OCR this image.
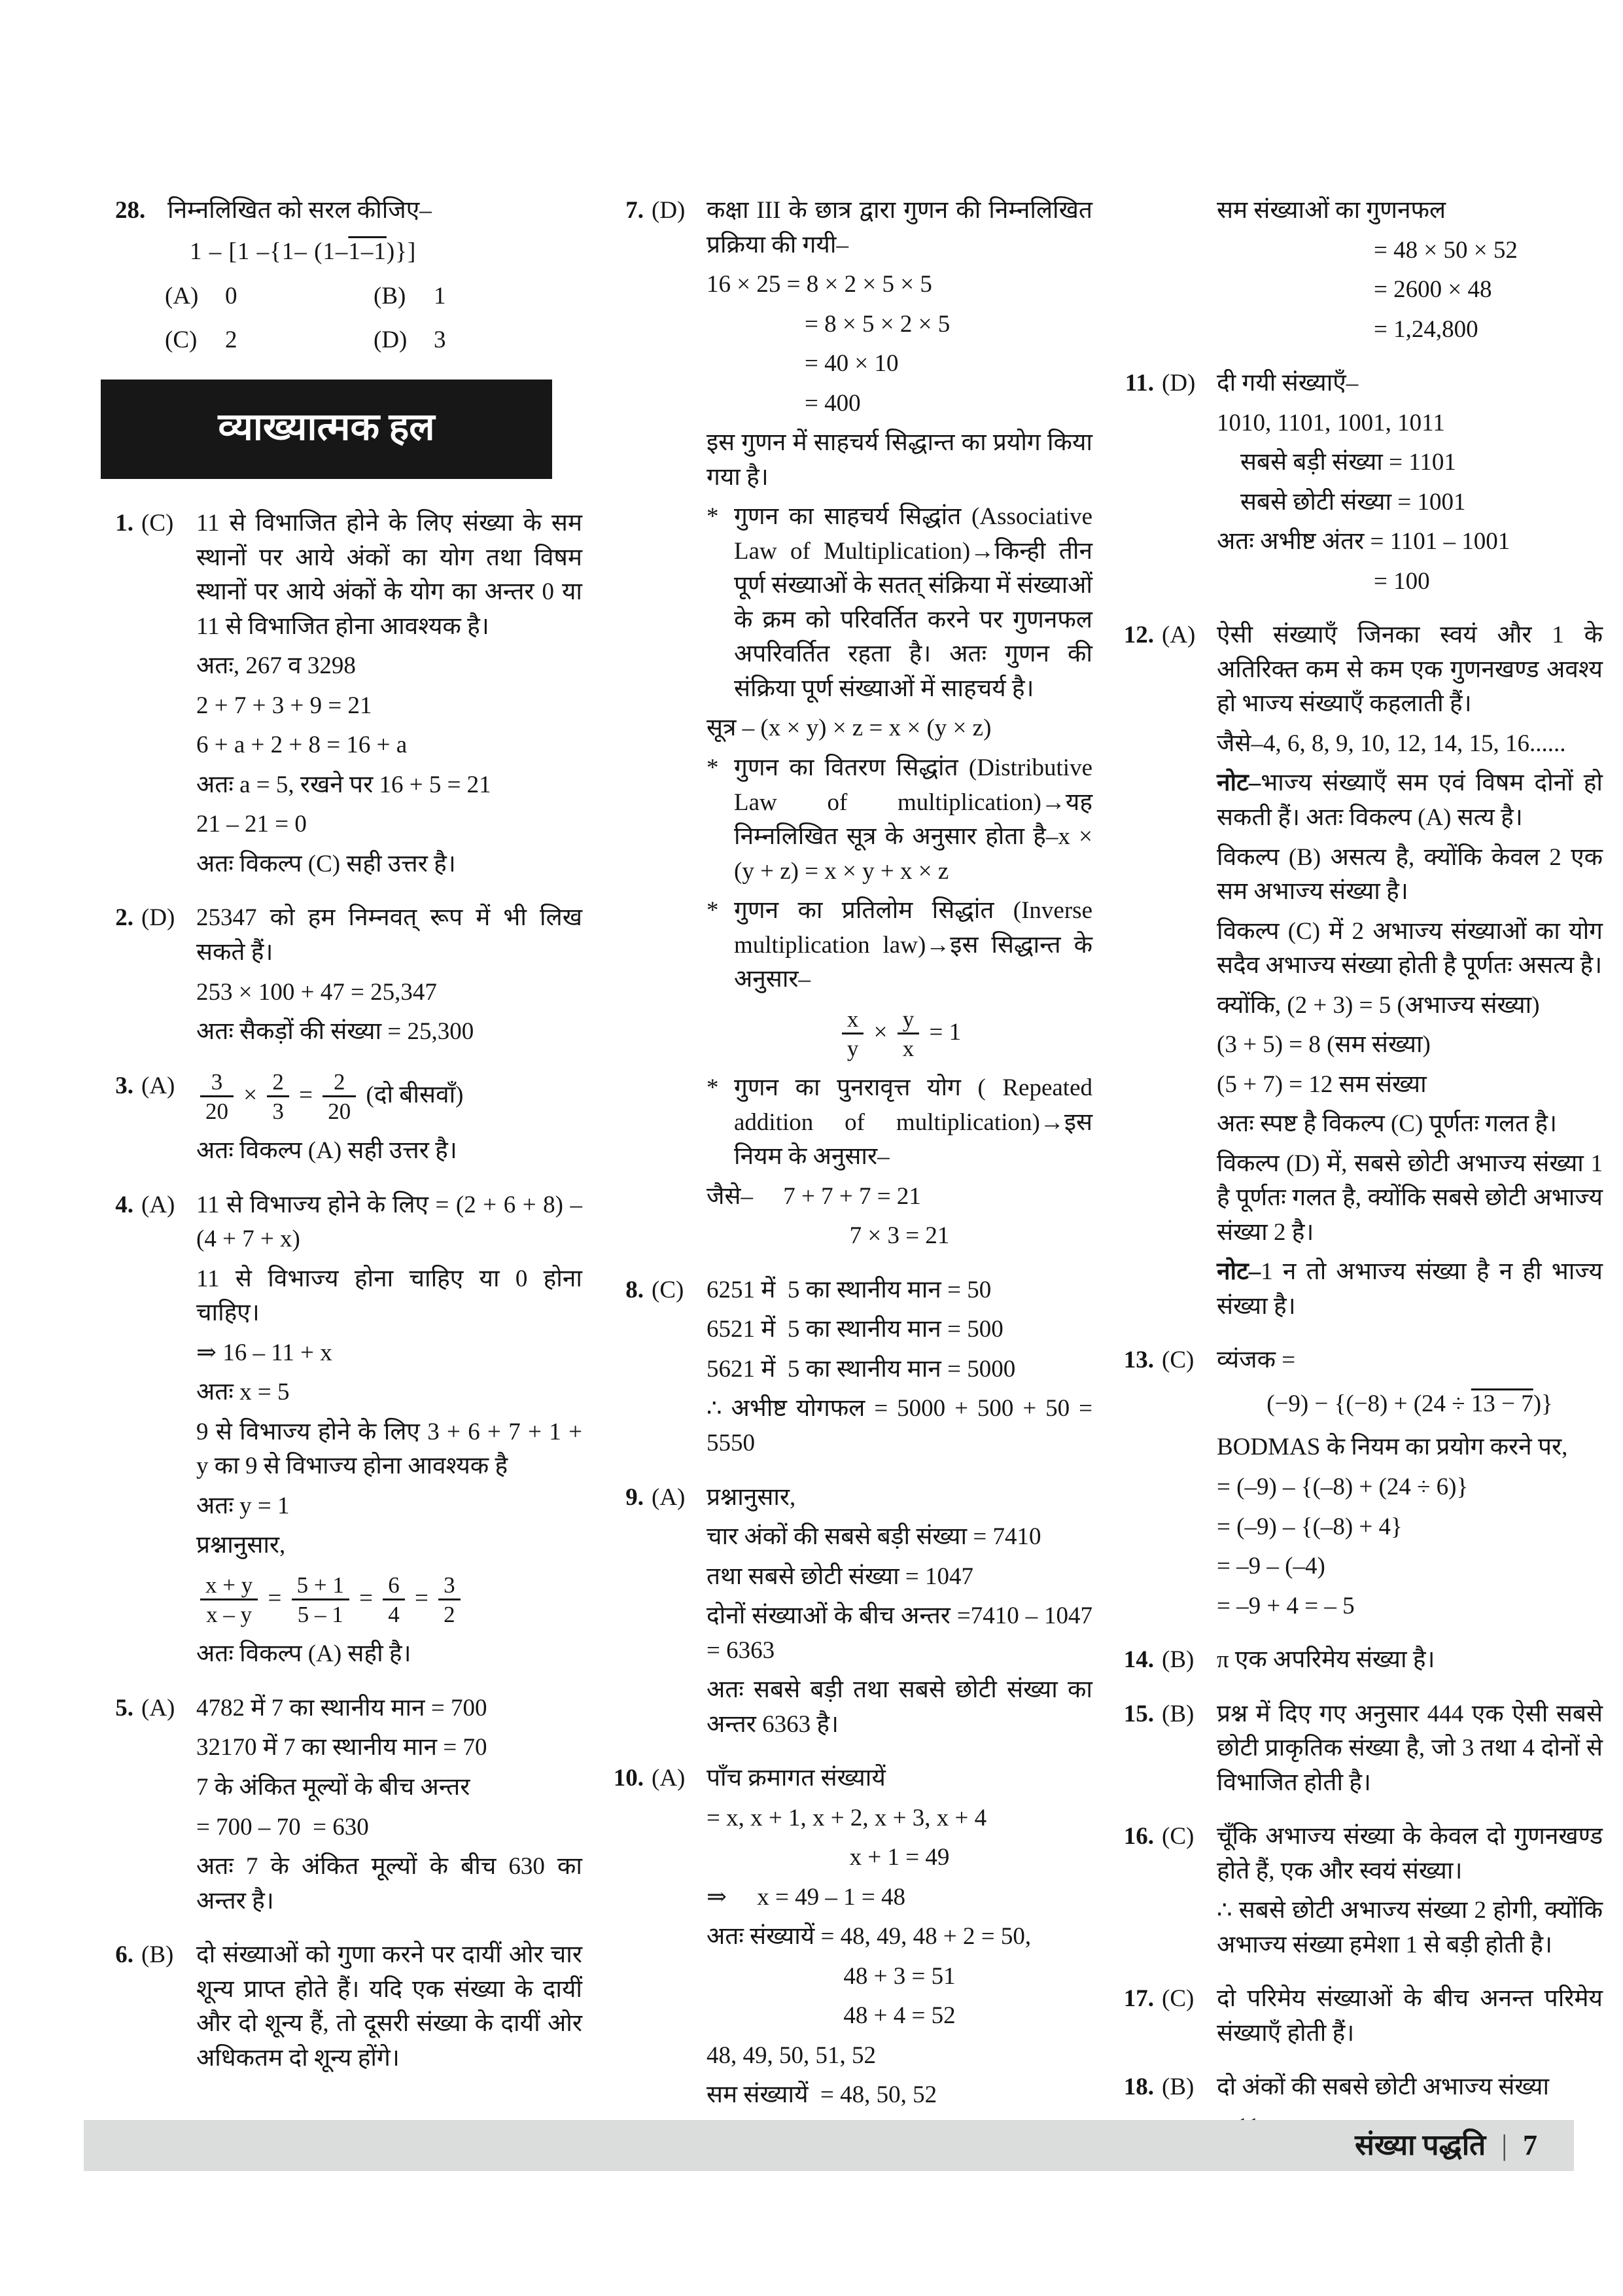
28. निम्नलिखित को सरल कीजिए–
1 – [1 –{1– (1–1–1)}]
(A)	0	(B)	1
(C)	2	(D)	3
व्याख्यात्मक हल
1. (C) 11 से विभाजित होने के लिए संख्या के सम स्थानों पर आये अंकों का योग तथा विषम स्थानों पर आये अंकों के योग का अन्तर 0 या 11 से विभाजित होना आवश्यक है।

अतः, 267 व 3298
2 + 7 + 3 + 9 = 21
6 + a + 2 + 8 = 16 + a
अतः a = 5, रखने पर 16 + 5 = 21
21 – 21 = 0
अतः विकल्प (C) सही उत्तर है।
2. (D) 25347 को हम निम्नवत् रूप में भी लिख सकते हैं।

253 × 100 + 47 = 25,347
अतः सैकड़ों की संख्या = 25,300
3. (A)	$\frac{3}{20} \times \frac{2}{3} = \frac{2}{20}$ (दो बीसवाँ)
अतः विकल्प (A) सही उत्तर है।
4. (A) 11 से विभाज्य होने के लिए = (2 + 6 + 8) – (4 + 7 + x)

11 से विभाज्य होना चाहिए या 0 होना चाहिए।

⇒ 16 – 11 + x
अतः x = 5

9 से विभाज्य होने के लिए 3 + 6 + 7 + 1 + y का 9 से विभाज्य होना आवश्यक है

अतः y = 1
प्रश्नानुसार,
$\frac{x + y}{x - y} = \frac{5 + 1}{5 - 1} = \frac{6}{4} = \frac{3}{2}$
अतः विकल्प (A) सही है।
5. (A) 4782 में 7 का स्थानीय मान = 700

32170 में 7 का स्थानीय मान = 70

7 के अंकित मूल्यों के बीच अन्तर

= 700 – 70  = 630

अतः 7 के अंकित मूल्यों के बीच 630 का अन्तर है।

6. (B) दो संख्याओं को गुणा करने पर दायीं ओर चार शून्य प्राप्त होते हैं। यदि एक संख्या के दायीं और दो शून्य हैं, तो दूसरी संख्या के दायीं ओर अधिकतम दो शून्य होंगे।

7. (D) कक्षा III के छात्र द्वारा गुणन की निम्नलिखित प्रक्रिया की गयी–

16 × 25 = 8 × 2 × 5 × 5
= 8 × 5 × 2 × 5
= 40 × 10
= 400

इस गुणन में साहचर्य सिद्धान्त का प्रयोग किया गया है।

* गुणन का साहचर्य सिद्धांत (Associative Law of Multiplication)→किन्ही तीन पूर्ण संख्याओं के सतत् संक्रिया में संख्याओं के क्रम को परिवर्तित करने पर गुणनफल अपरिवर्तित रहता है। अतः गुणन की संक्रिया पूर्ण संख्याओं में साहचर्य है।
सूत्र – (x × y) × z = x × (y × z)
* गुणन का वितरण सिद्धांत (Distributive Law of multiplication)→यह निम्नलिखित सूत्र के अनुसार होता है–x × (y + z) = x × y + x × z
* गुणन का प्रतिलोम सिद्धांत (Inverse multiplication law)→इस सिद्धान्त के अनुसार–
$\frac{x}{y} \times \frac{y}{x} = 1$
* गुणन का पुनरावृत्त योग ( Repeated addition of multiplication)→इस नियम के अनुसार–
जैसे–     7 + 7 + 7 = 21
7 × 3 = 21
8. (C) 6251 में  5 का स्थानीय मान = 50
6521 में  5 का स्थानीय मान = 500
5621 में  5 का स्थानीय मान = 5000

∴ अभीष्ट योगफल = 5000 + 500 + 50 = 5550

9. (A) प्रश्नानुसार,

चार अंकों की सबसे बड़ी संख्या = 7410

तथा सबसे छोटी संख्या = 1047

दोनों संख्याओं के बीच अन्तर =7410 – 1047 = 6363

अतः सबसे बड़ी तथा सबसे छोटी संख्या का अन्तर 6363 है।

10. (A) पाँच क्रमागत संख्यायें

= x, x + 1, x + 2, x + 3, x + 4
x + 1 = 49
⇒     x = 49 – 1 = 48
अतः संख्यायें = 48, 49, 48 + 2 = 50,
48 + 3 = 51
48 + 4 = 52
48, 49, 50, 51, 52
सम संख्यायें  = 48, 50, 52
सम संख्याओं का गुणनफल
= 48 × 50 × 52
= 2600 × 48
= 1,24,800
11. (D) दी गयी संख्याएँ–

1010, 1101, 1001, 1011
सबसे बड़ी संख्या = 1101
सबसे छोटी संख्या = 1001
अतः अभीष्ट अंतर = 1101 – 1001
= 100
12. (A) ऐसी संख्याएँ जिनका स्वयं और 1 के अतिरिक्त कम से कम एक गुणनखण्ड अवश्य हो भाज्य संख्याएँ कहलाती हैं।

जैसे–4, 6, 8, 9, 10, 12, 14, 15, 16......

नोट–भाज्य संख्याएँ सम एवं विषम दोनों हो सकती हैं। अतः विकल्प (A) सत्य है।

विकल्प (B) असत्य है, क्योंकि केवल 2 एक सम अभाज्य संख्या है।

विकल्प (C) में 2 अभाज्य संख्याओं का योग सदैव अभाज्य संख्या होती है पूर्णतः असत्य है।

क्योंकि, (2 + 3) = 5 (अभाज्य संख्या)

(3 + 5) = 8 (सम संख्या)

(5 + 7) = 12 सम संख्या

अतः स्पष्ट है विकल्प (C) पूर्णतः गलत है।

विकल्प (D) में, सबसे छोटी अभाज्य संख्या 1 है पूर्णतः गलत है, क्योंकि सबसे छोटी अभाज्य संख्या 2 है।

नोट–1 न तो अभाज्य संख्या है न ही भाज्य संख्या है।

13. (C) व्यंजक =

(−9) − {(−8) + (24 ÷ 13 − 7)}

BODMAS के नियम का प्रयोग करने पर,

= (–9) – {(–8) + (24 ÷ 6)}
= (–9) – {(–8) + 4}
= –9 – (–4)
= –9 + 4 = – 5
14. (B) π एक अपरिमेय संख्या है।

15. (B) प्रश्न में दिए गए अनुसार 444 एक ऐसी सबसे छोटी प्राकृतिक संख्या है, जो 3 तथा 4 दोनों से विभाजित होती है।

16. (C) चूँकि अभाज्य संख्या के केवल दो गुणनखण्ड होते हैं, एक और स्वयं संख्या।

∴ सबसे छोटी अभाज्य संख्या 2 होगी, क्योंकि अभाज्य संख्या हमेशा 1 से बड़ी होती है।

17. (C) दो परिमेय संख्याओं के बीच अनन्त परिमेय संख्याएँ होती हैं।

18. (B) दो अंकों की सबसे छोटी अभाज्य संख्या

संख्या पद्धति | 7
